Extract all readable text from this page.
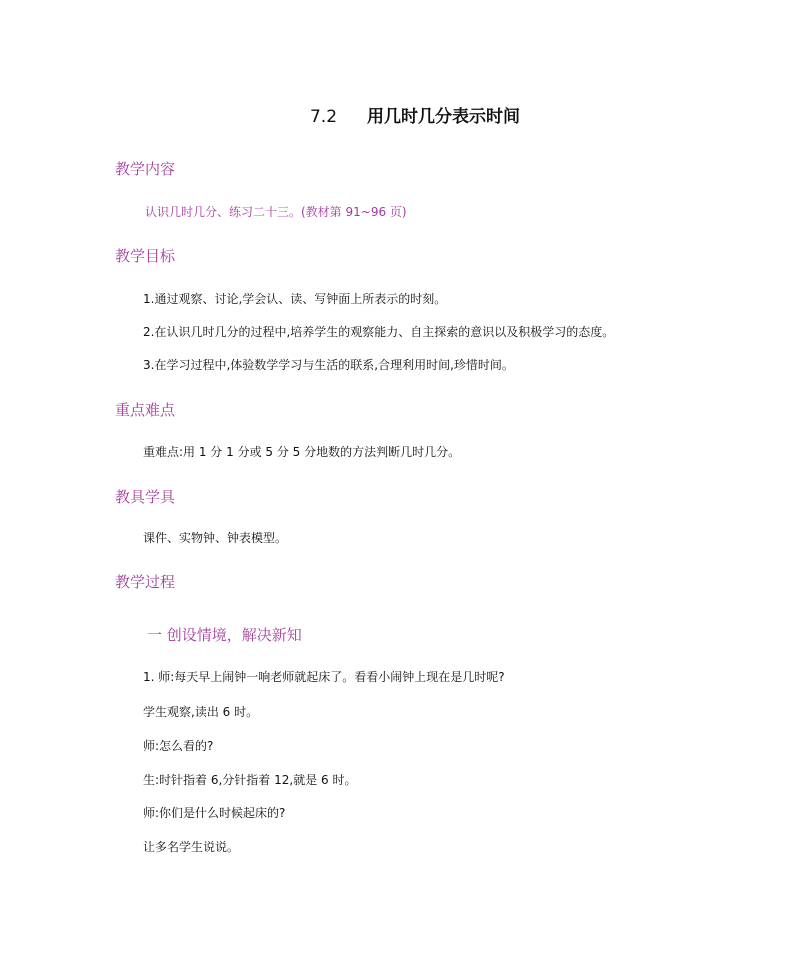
7.2 用几时几分表示时间
教学内容
认识几时几分、练习二十三。(教材第 91~96 页)
教学目标
1.通过观察、讨论,学会认、读、写钟面上所表示的时刻。
2.在认识几时几分的过程中,培养学生的观察能力、自主探索的意识以及积极学习的态度。
3.在学习过程中,体验数学学习与生活的联系,合理利用时间,珍惜时间。
重点难点
重难点:用 1 分 1 分或 5 分 5 分地数的方法判断几时几分。
教具学具
课件、实物钟、钟表模型。
教学过程
一 创设情境，解决新知
1. 师:每天早上闹钟一响老师就起床了。看看小闹钟上现在是几时呢?
学生观察,读出 6 时。
师:怎么看的?
生:时针指着 6,分针指着 12,就是 6 时。
师:你们是什么时候起床的?
让多名学生说说。
